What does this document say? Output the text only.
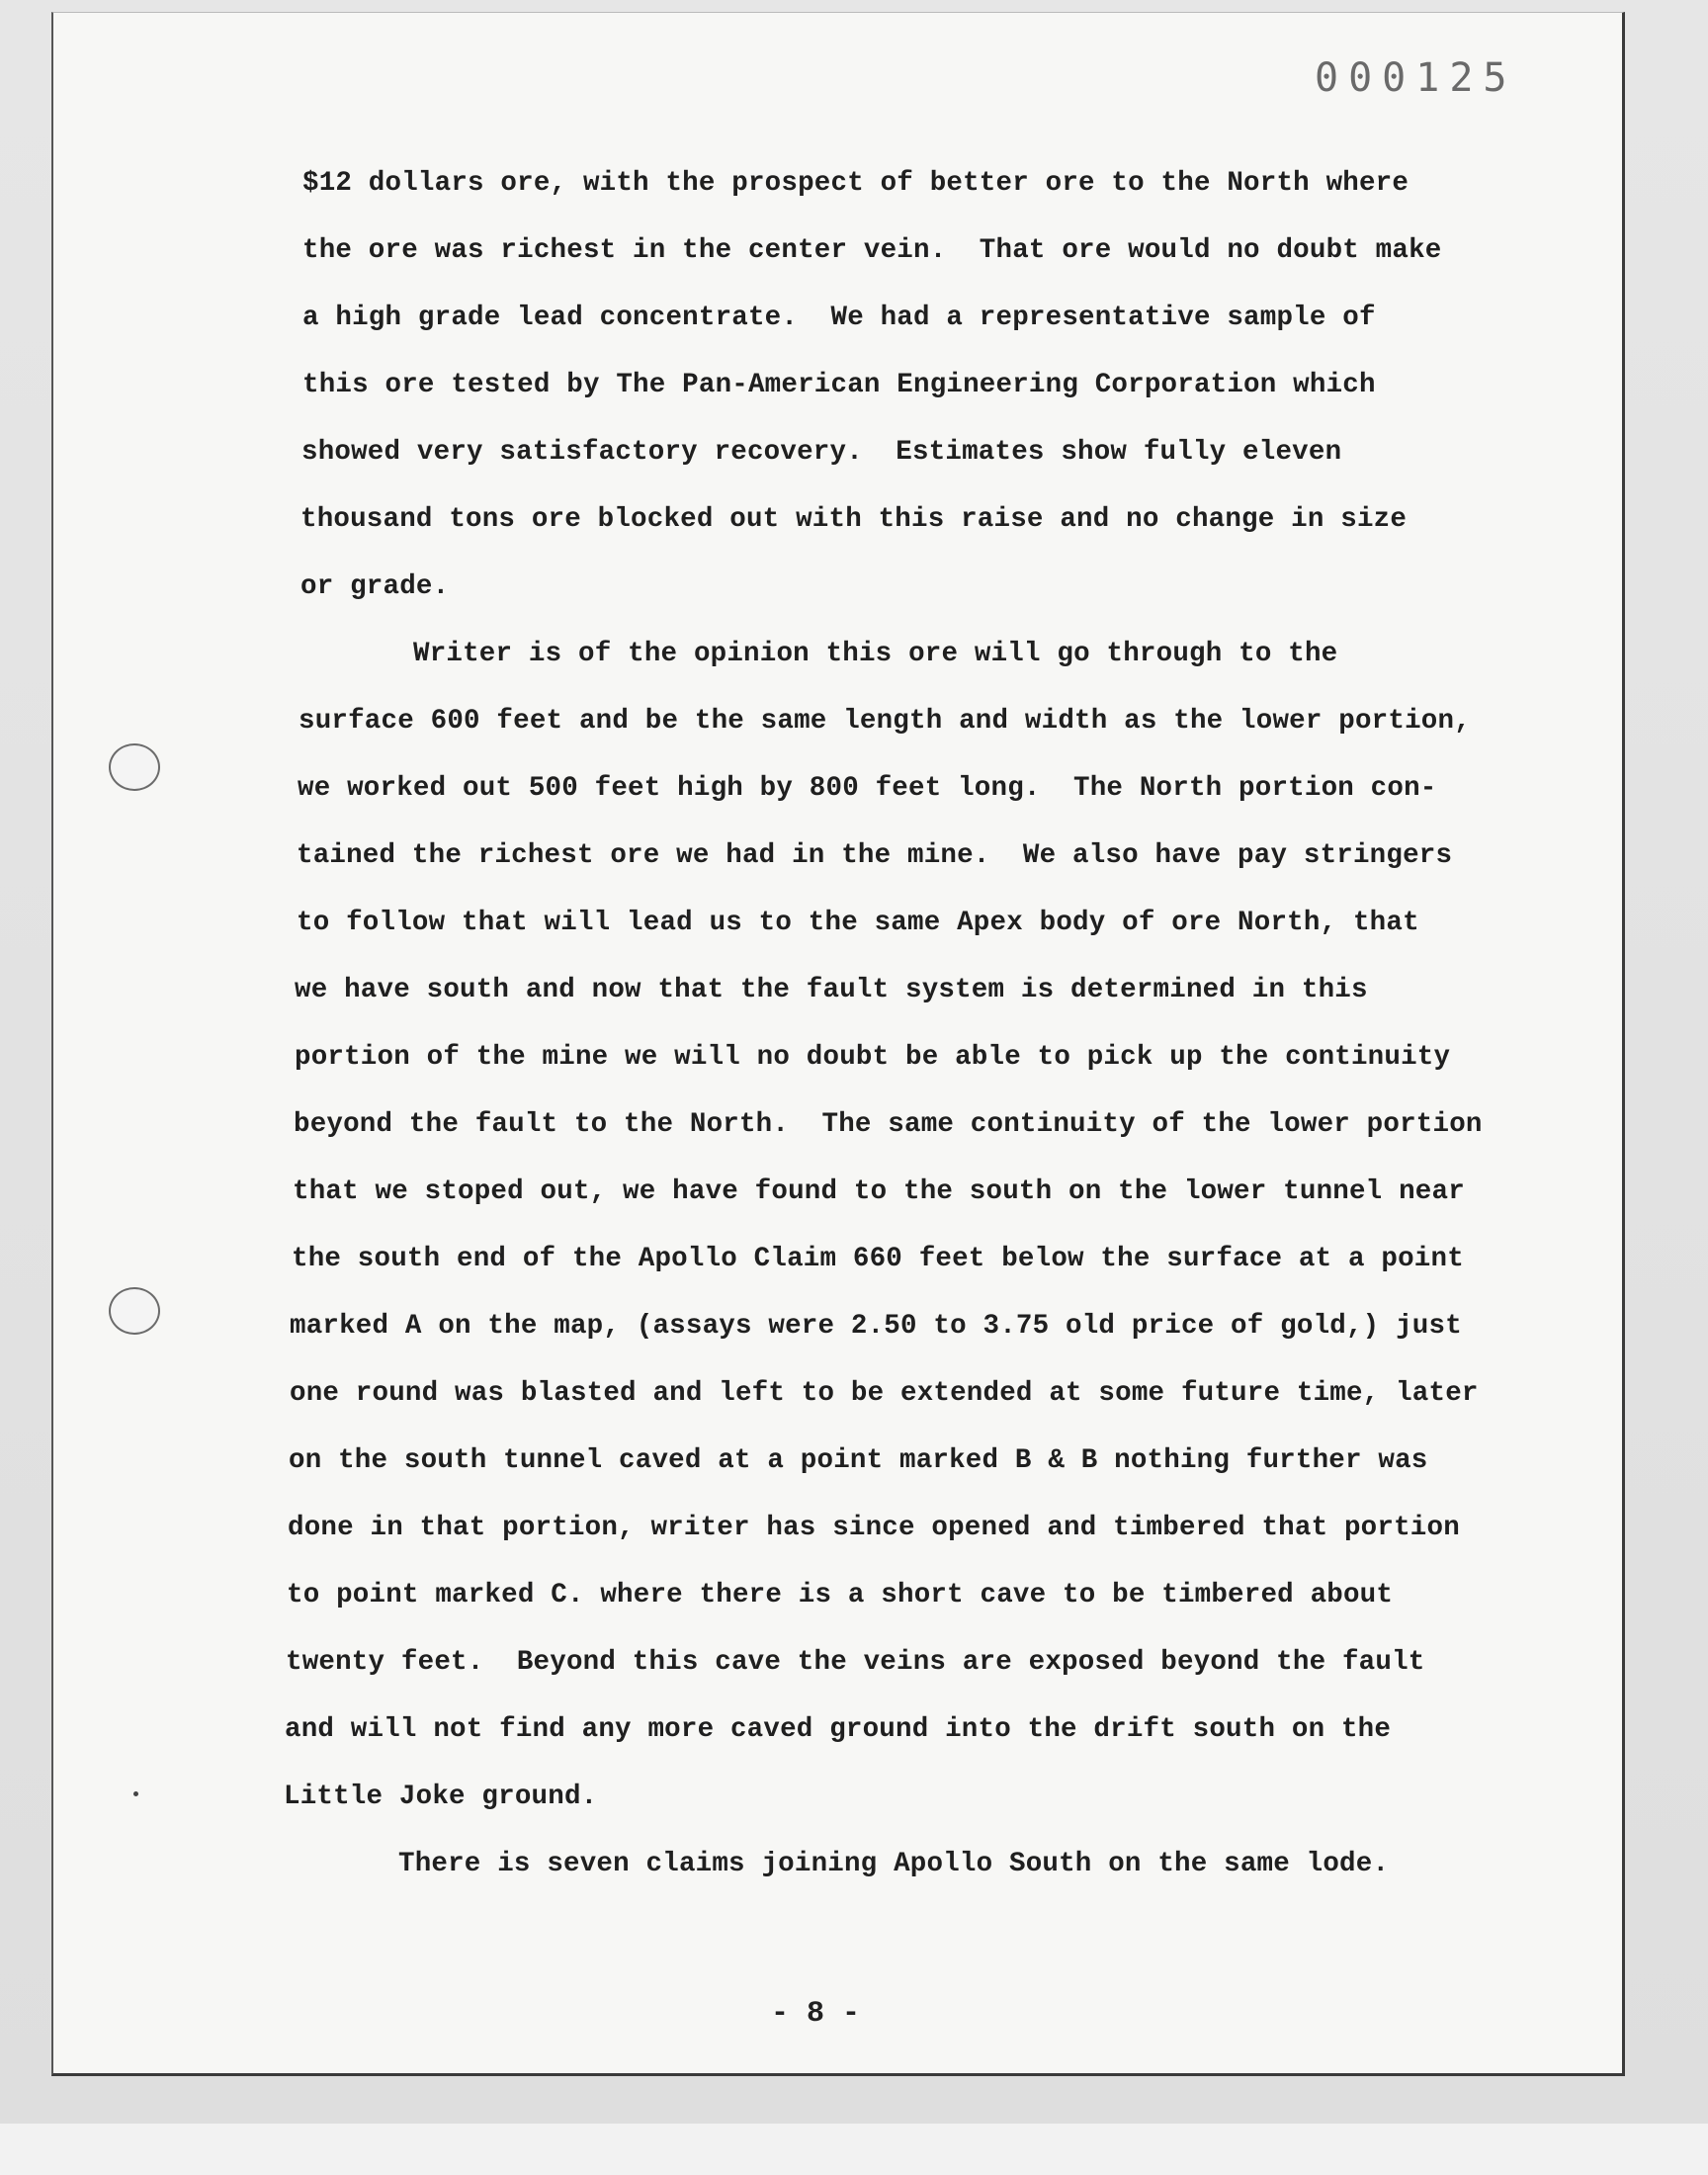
000125
$12 dollars ore, with the prospect of better ore to the North where
the ore was richest in the center vein.  That ore would no doubt make
a high grade lead concentrate.  We had a representative sample of
this ore tested by The Pan-American Engineering Corporation which
showed very satisfactory recovery.  Estimates show fully eleven
thousand tons ore blocked out with this raise and no change in size
or grade.
Writer is of the opinion this ore will go through to the
surface 600 feet and be the same length and width as the lower portion,
we worked out 500 feet high by 800 feet long.  The North portion con-
tained the richest ore we had in the mine.  We also have pay stringers
to follow that will lead us to the same Apex body of ore North, that
we have south and now that the fault system is determined in this
portion of the mine we will no doubt be able to pick up the continuity
beyond the fault to the North.  The same continuity of the lower portion
that we stoped out, we have found to the south on the lower tunnel near
the south end of the Apollo Claim 660 feet below the surface at a point
marked A on the map, (assays were 2.50 to 3.75 old price of gold,) just
one round was blasted and left to be extended at some future time, later
on the south tunnel caved at a point marked B & B nothing further was
done in that portion, writer has since opened and timbered that portion
to point marked C. where there is a short cave to be timbered about
twenty feet.  Beyond this cave the veins are exposed beyond the fault
and will not find any more caved ground into the drift south on the
Little Joke ground.
There is seven claims joining Apollo South on the same lode.
- 8 -
